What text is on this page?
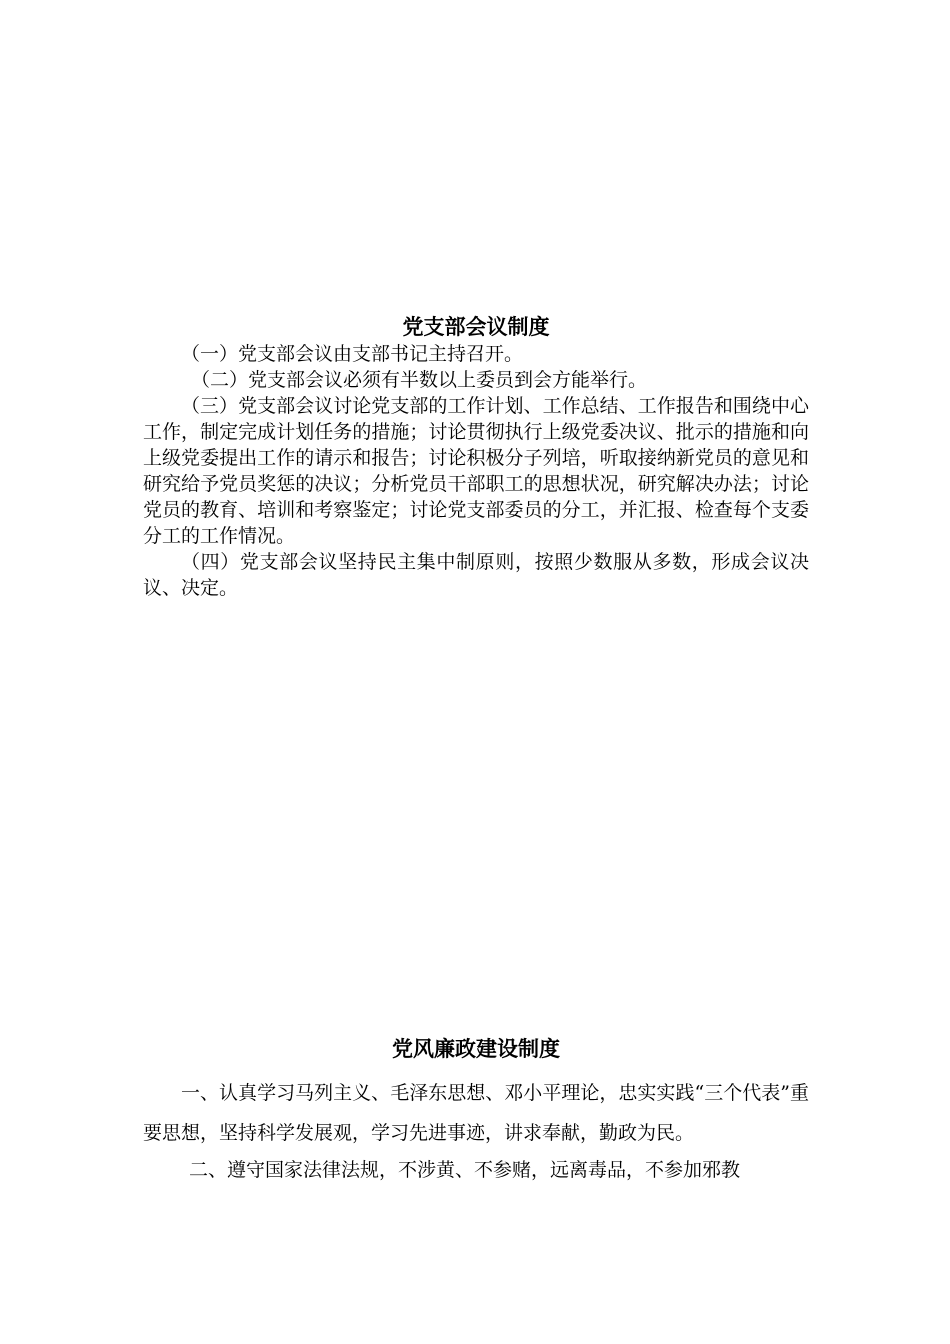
党支部会议制度

（一）党支部会议由支部书记主持召开。

（二）党支部会议必须有半数以上委员到会方能举行。

（三）党支部会议讨论党支部的工作计划、工作总结、工作报告和围绕中心工作，制定完成计划任务的措施；讨论贯彻执行上级党委决议、批示的措施和向上级党委提出工作的请示和报告；讨论积极分子列培，听取接纳新党员的意见和研究给予党员奖惩的决议；分析党员干部职工的思想状况，研究解决办法；讨论党员的教育、培训和考察鉴定；讨论党支部委员的分工，并汇报、检查每个支委分工的工作情况。

（四）党支部会议坚持民主集中制原则，按照少数服从多数，形成会议决议、决定。

党风廉政建设制度

一、认真学习马列主义、毛泽东思想、邓小平理论，忠实实践“三个代表”重要思想，坚持科学发展观，学习先进事迹，讲求奉献，勤政为民。

二、遵守国家法律法规，不涉黄、不参赌，远离毒品，不参加邪教
